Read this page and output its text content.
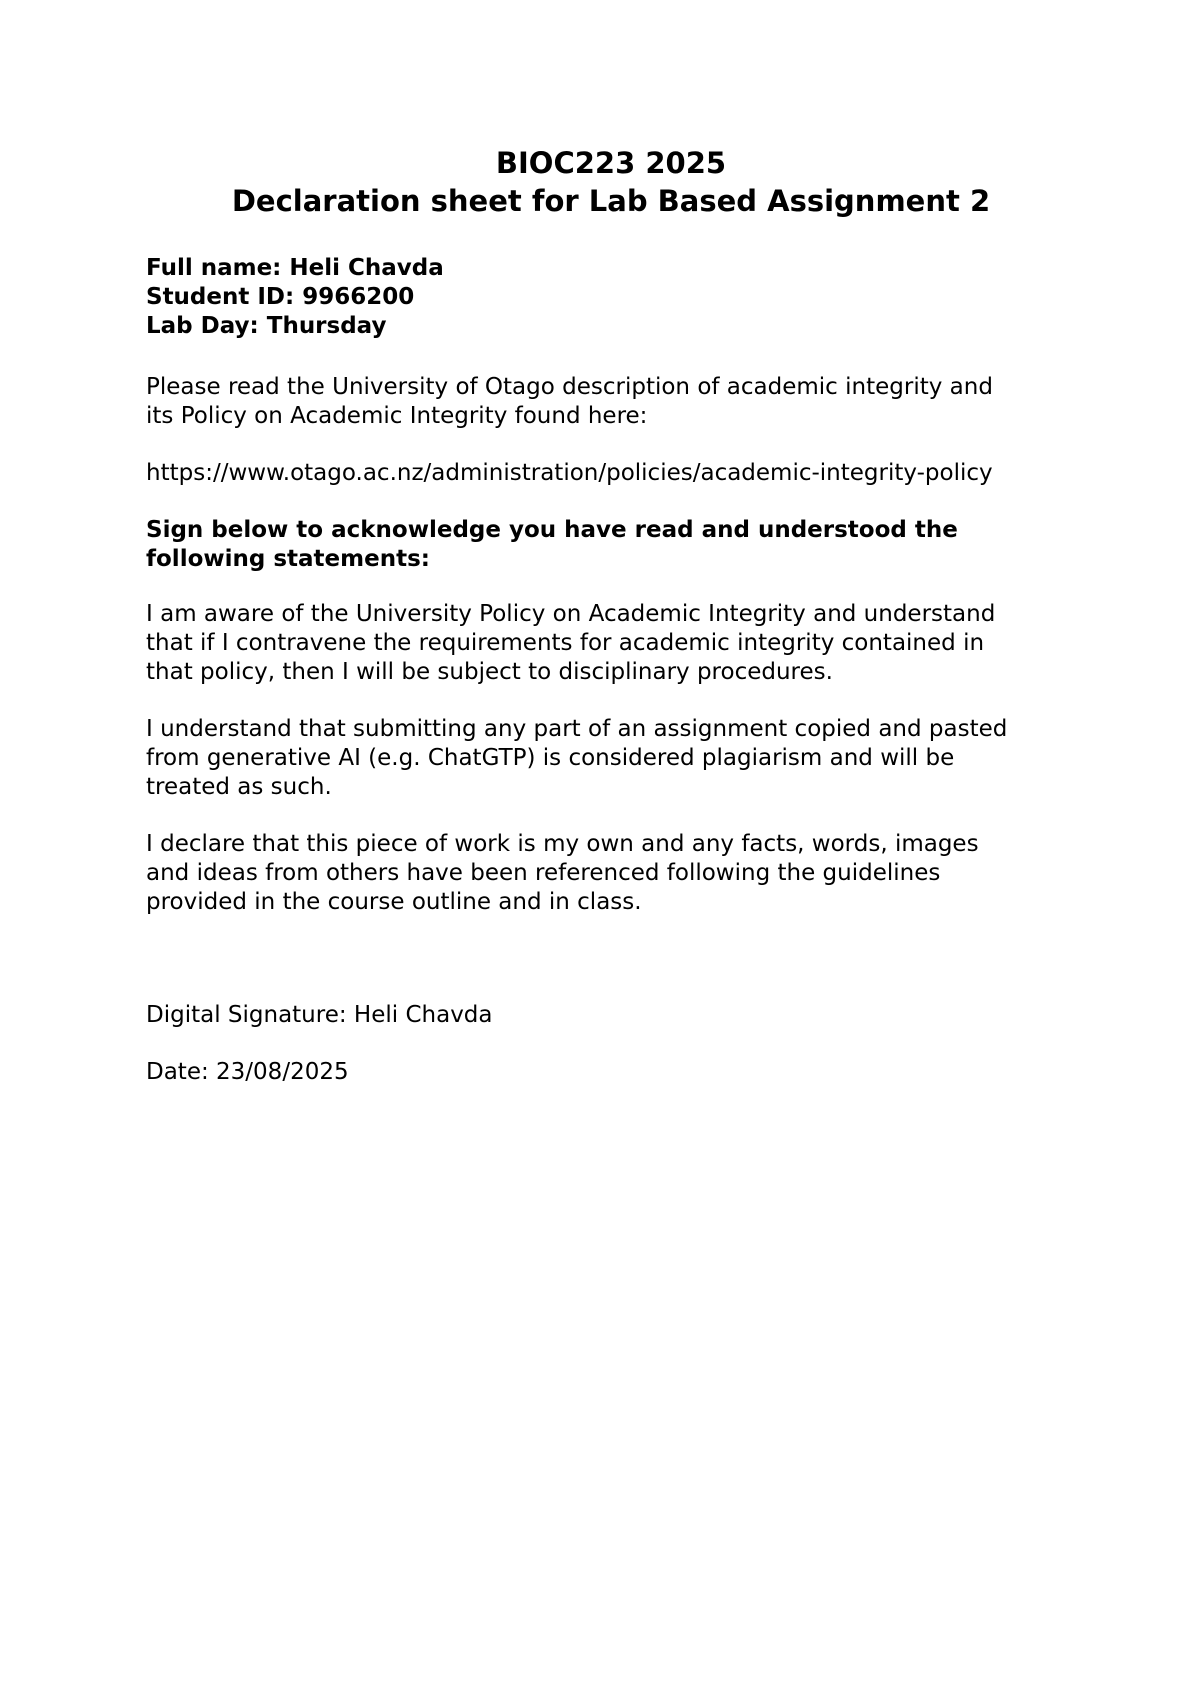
BIOC223 2025
Declaration sheet for Lab Based Assignment 2
Full name: Heli Chavda
Student ID: 9966200
Lab Day: Thursday

Please read the University of Otago description of academic integrity and
its Policy on Academic Integrity found here:

https://www.otago.ac.nz/administration/policies/academic-integrity-policy

Sign below to acknowledge you have read and understood the
following statements:

I am aware of the University Policy on Academic Integrity and understand
that if I contravene the requirements for academic integrity contained in
that policy, then I will be subject to disciplinary procedures.

I understand that submitting any part of an assignment copied and pasted
from generative AI (e.g. ChatGTP) is considered plagiarism and will be
treated as such.

I declare that this piece of work is my own and any facts, words, images
and ideas from others have been referenced following the guidelines
provided in the course outline and in class.

Digital Signature: Heli Chavda

Date: 23/08/2025
